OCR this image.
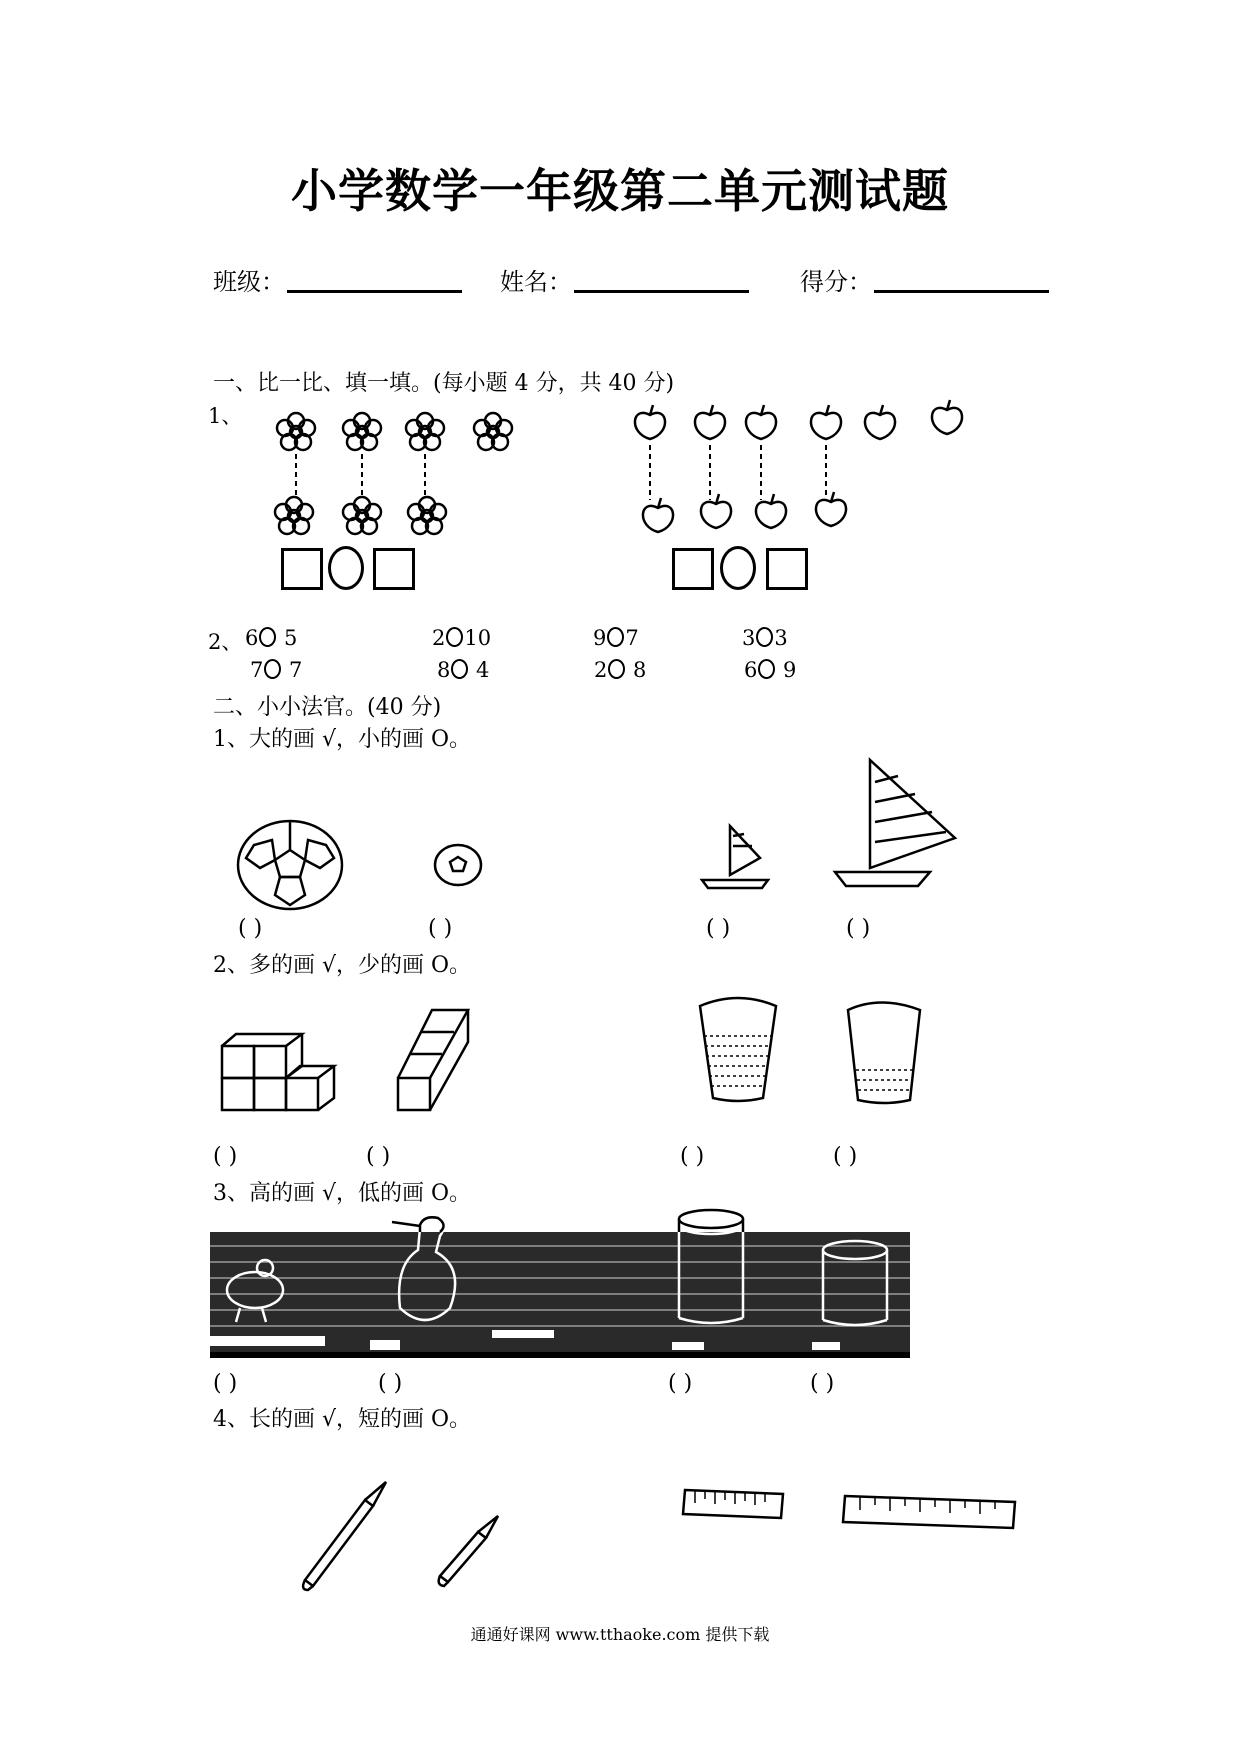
小学数学一年级第二单元测试题
班级：	姓名：	得分：
一、比一比、填一填。(每小题 4 分，共 40 分)
1、
2、 6 5	2 10	9 7	3 3
7 7	8 4	2 8	6 9
二、小小法官。(40 分)
1、大的画 √，小的画 O。
( )	( )	( )	( )
2、多的画 √，少的画 O。
( )	( )	( )	( )
3、高的画 √，低的画 O。
( )	( )	( )	( )
4、长的画 √，短的画 O。
通通好课网 www.tthaoke.com 提供下载
